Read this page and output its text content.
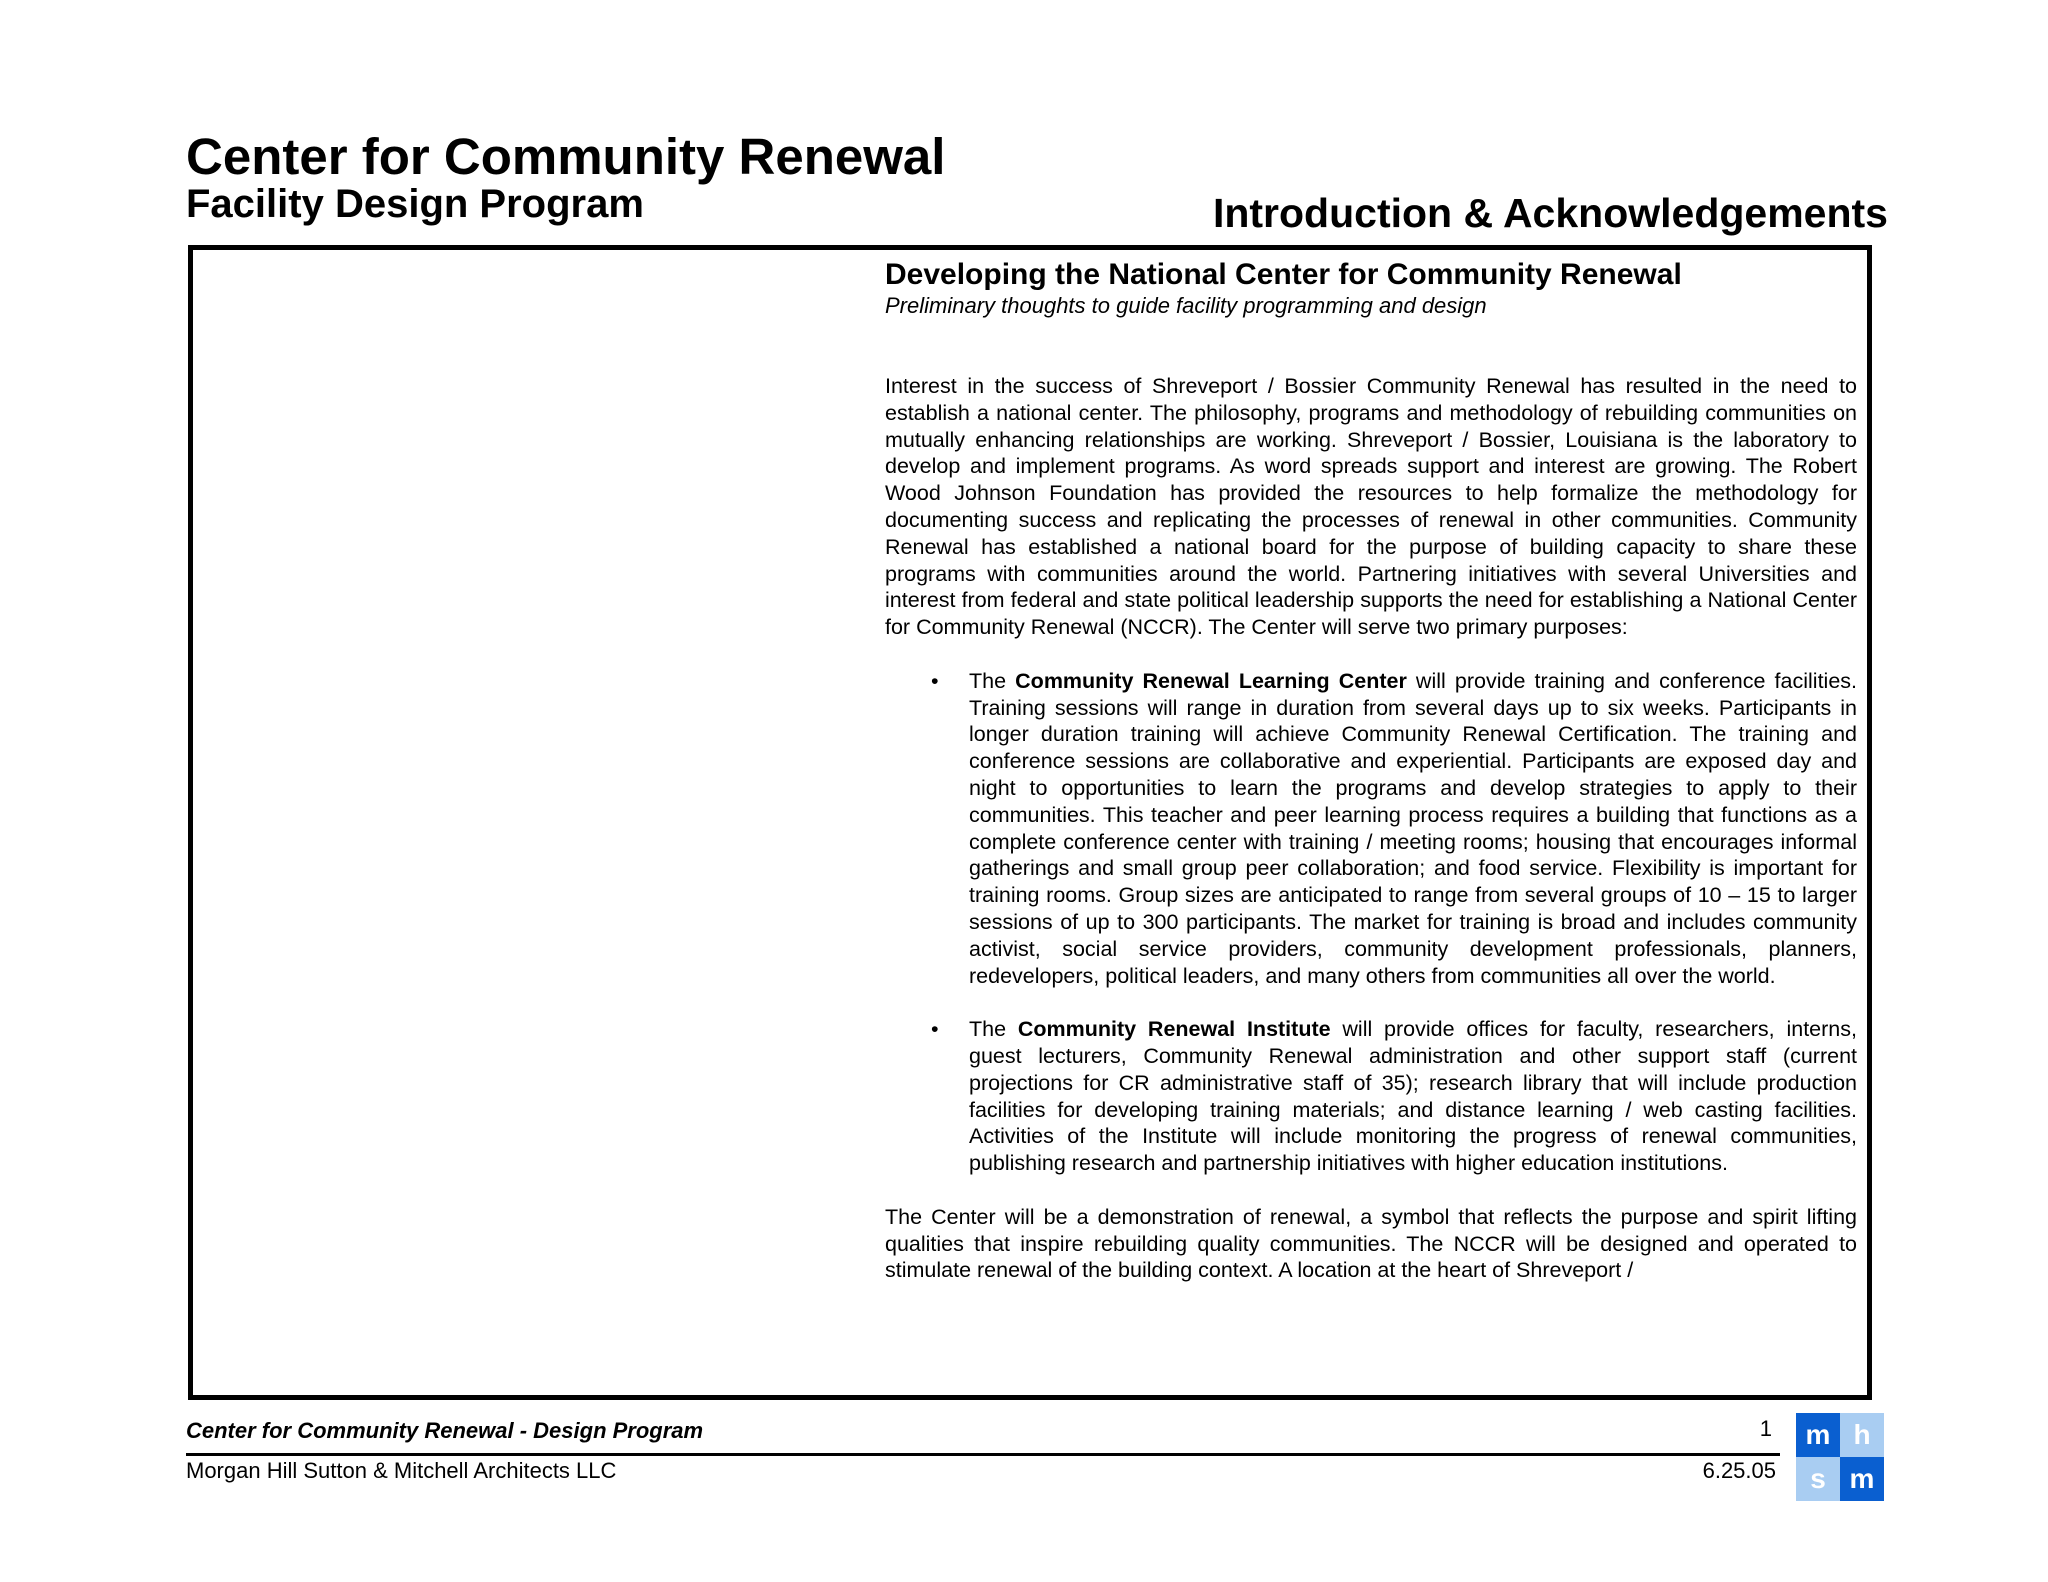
Center for Community Renewal
Facility Design Program	Introduction & Acknowledgements
Developing the National Center for Community Renewal
Preliminary thoughts to guide facility programming and design

Interest in the success of Shreveport / Bossier Community Renewal has resulted in the need to establish a national center. The philosophy, programs and methodology of rebuilding communities on mutually enhancing relationships are working. Shreveport / Bossier, Louisiana is the laboratory to develop and implement programs. As word spreads support and interest are growing. The Robert Wood Johnson Foundation has provided the resources to help formalize the methodology for documenting success and replicating the processes of renewal in other communities. Community Renewal has established a national board for the purpose of building capacity to share these programs with communities around the world. Partnering initiatives with several Universities and interest from federal and state political leadership supports the need for establishing a National Center for Community Renewal (NCCR). The Center will serve two primary purposes:

• The Community Renewal Learning Center will provide training and conference facilities. Training sessions will range in duration from several days up to six weeks. Participants in longer duration training will achieve Community Renewal Certification. The training and conference sessions are collaborative and experiential. Participants are exposed day and night to opportunities to learn the programs and develop strategies to apply to their communities. This teacher and peer learning process requires a building that functions as a complete conference center with training / meeting rooms; housing that encourages informal gatherings and small group peer collaboration; and food service. Flexibility is important for training rooms. Group sizes are anticipated to range from several groups of 10 – 15 to larger sessions of up to 300 participants. The market for training is broad and includes community activist, social service providers, community development professionals, planners, redevelopers, political leaders, and many others from communities all over the world.
• The Community Renewal Institute will provide offices for faculty, researchers, interns, guest lecturers, Community Renewal administration and other support staff (current projections for CR administrative staff of 35); research library that will include production facilities for developing training materials; and distance learning / web casting facilities. Activities of the Institute will include monitoring the progress of renewal communities, publishing research and partnership initiatives with higher education institutions.

The Center will be a demonstration of renewal, a symbol that reflects the purpose and spirit lifting qualities that inspire rebuilding quality communities. The NCCR will be designed and operated to stimulate renewal of the building context. A location at the heart of Shreveport /

Center for Community Renewal - Design Program
Morgan Hill Sutton & Mitchell Architects LLC
1
6.25.05
m h
s m
